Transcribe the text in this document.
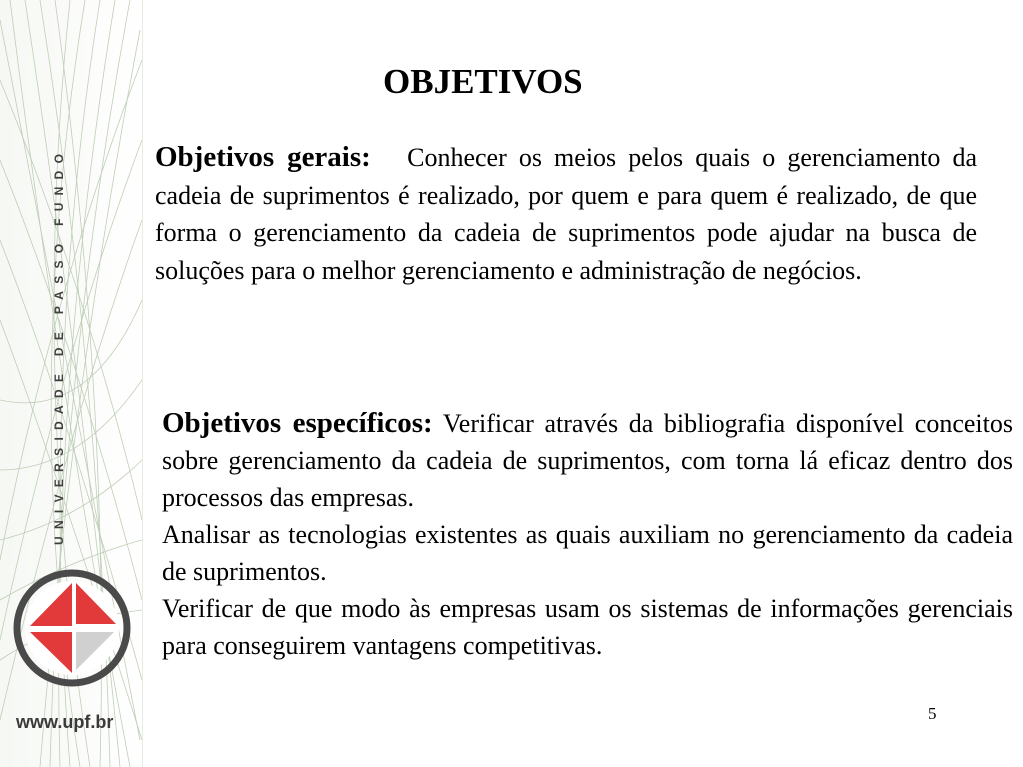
UNIVERSIDADE DE PASSO FUNDO
www.upf.br
OBJETIVOS

Objetivos gerais: Conhecer os meios pelos quais o gerenciamento da cadeia de suprimentos é realizado, por quem e para quem é realizado, de que forma o gerenciamento da cadeia de suprimentos pode ajudar na busca de soluções para o melhor gerenciamento e administração de negócios.

Objetivos específicos: Verificar através da bibliografia disponível conceitos sobre gerenciamento da cadeia de suprimentos, com torna lá eficaz dentro dos processos das empresas.
Analisar as tecnologias existentes as quais auxiliam no gerenciamento da cadeia de suprimentos.
Verificar de que modo às empresas usam os sistemas de informações gerenciais para conseguirem vantagens competitivas.
5
